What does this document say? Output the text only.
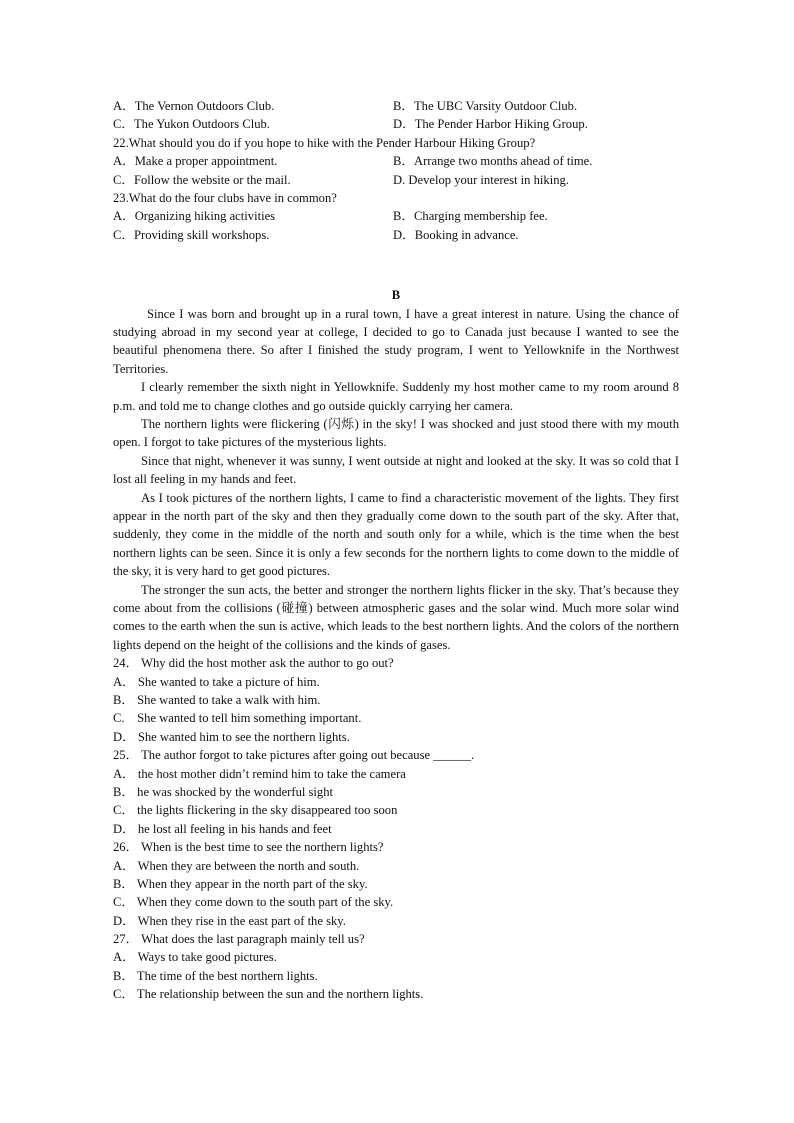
A．The Vernon Outdoors Club.	B．The UBC Varsity Outdoor Club.
C．The Yukon Outdoors Club.	D．The Pender Harbor Hiking Group.
22.What should you do if you hope to hike with the Pender Harbour Hiking Group?
A．Make a proper appointment.	B．Arrange two months ahead of time.
C．Follow the website or the mail.	D. Develop your interest in hiking.
23.What do the four clubs have in common?
A．Organizing hiking activities	B．Charging membership fee.
C．Providing skill workshops.	D．Booking in advance.
B

Since I was born and brought up in a rural town, I have a great interest in nature. Using the chance of studying abroad in my second year at college, I decided to go to Canada just because I wanted to see the beautiful phenomena there. So after I finished the study program, I went to Yellowknife in the Northwest Territories.

I clearly remember the sixth night in Yellowknife. Suddenly my host mother came to my room around 8 p.m. and told me to change clothes and go outside quickly carrying her camera.

The northern lights were flickering (闪烁) in the sky! I was shocked and just stood there with my mouth open. I forgot to take pictures of the mysterious lights.

Since that night, whenever it was sunny, I went outside at night and looked at the sky. It was so cold that I lost all feeling in my hands and feet.

As I took pictures of the northern lights, I came to find a characteristic movement of the lights. They first appear in the north part of the sky and then they gradually come down to the south part of the sky. After that, suddenly, they come in the middle of the north and south only for a while, which is the time when the best northern lights can be seen. Since it is only a few seconds for the northern lights to come down to the middle of the sky, it is very hard to get good pictures.

The stronger the sun acts, the better and stronger the northern lights flicker in the sky. That’s because they come about from the collisions (碰撞) between atmospheric gases and the solar wind. Much more solar wind comes to the earth when the sun is active, which leads to the best northern lights. And the colors of the northern lights depend on the height of the collisions and the kinds of gases.

24． Why did the host mother ask the author to go out?
A． She wanted to take a picture of him.
B． She wanted to take a walk with him.
C.    She wanted to tell him something important.
D． She wanted him to see the northern lights.
25． The author forgot to take pictures after going out because ______.
A． the host mother didn’t remind him to take the camera
B． he was shocked by the wonderful sight
C． the lights flickering in the sky disappeared too soon
D． he lost all feeling in his hands and feet
26． When is the best time to see the northern lights?
A． When they are between the north and south.
B． When they appear in the north part of the sky.
C． When they come down to the south part of the sky.
D． When they rise in the east part of the sky.
27． What does the last paragraph mainly tell us?
A． Ways to take good pictures.
B． The time of the best northern lights.
C． The relationship between the sun and the northern lights.
